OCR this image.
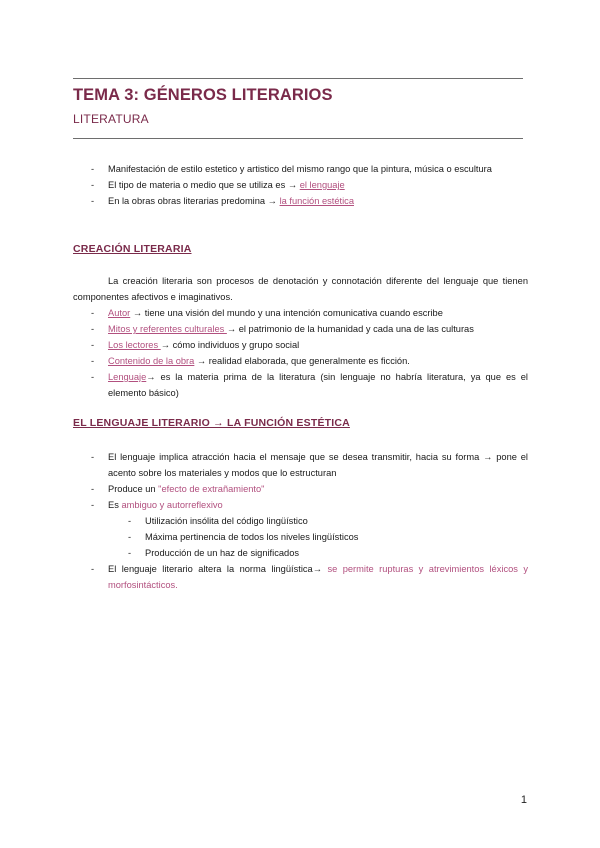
TEMA 3: GÉNEROS LITERARIOS
LITERATURA
- Manifestación de estilo estetico y artistico del mismo rango que la pintura, música o escultura
- El tipo de materia o medio que se utiliza es → el lenguaje
- En la obras obras literarias predomina → la función estética
CREACIÓN LITERARIA
La creación literaria son procesos de denotación y connotación diferente del lenguaje que tienen componentes afectivos e imaginativos.
- Autor → tiene una visión del mundo y una intención comunicativa cuando escribe
- Mitos y referentes culturales → el patrimonio de la humanidad y cada una de las culturas
- Los lectores → cómo individuos y grupo social
- Contenido de la obra → realidad elaborada, que generalmente es ficción.
- Lenguaje→ es la materia prima de la literatura (sin lenguaje no habría literatura, ya que es el elemento básico)
EL LENGUAJE LITERARIO → LA FUNCIÓN ESTÉTICA
- El lenguaje implica atracción hacia el mensaje que se desea transmitir, hacia su forma → pone el acento sobre los materiales y modos que lo estructuran
- Produce un "efecto de extrañamiento"
- Es ambiguo y autorreflexivo
- Utilización insólita del código lingüístico
- Máxima pertinencia de todos los niveles lingüísticos
- Producción de un haz de significados
- El lenguaje literario altera la norma lingüística→ se permite rupturas y atrevimientos léxicos y morfosintácticos.
1
